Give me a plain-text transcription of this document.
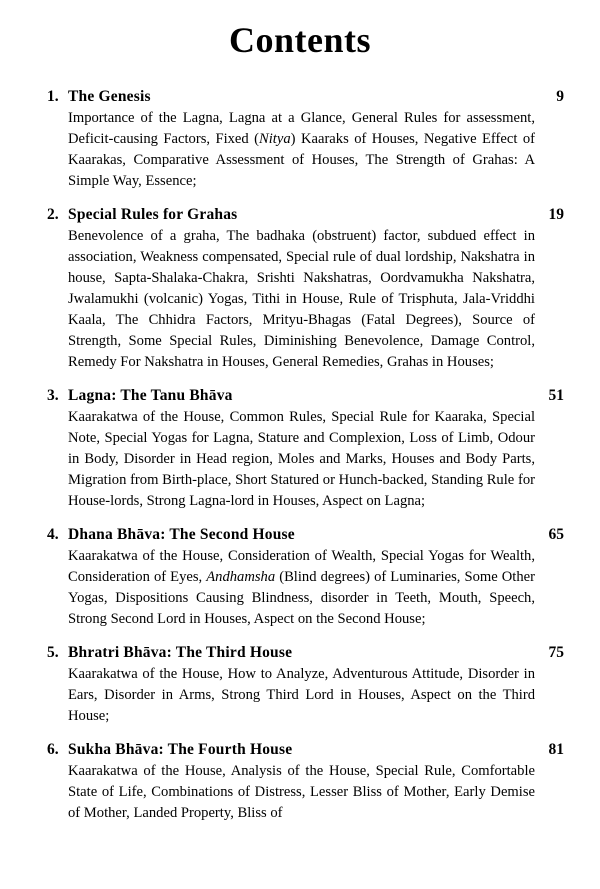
Contents
1. The Genesis	9
Importance of the Lagna, Lagna at a Glance, General Rules for assessment, Deficit-causing Factors, Fixed (Nitya) Kaaraks of Houses, Negative Effect of Kaarakas, Comparative Assessment of Houses, The Strength of Grahas: A Simple Way, Essence;
2. Special Rules for Grahas	19
Benevolence of a graha, The badhaka (obstruent) factor, subdued effect in association, Weakness compensated, Special rule of dual lordship, Nakshatra in house, Sapta-Shalaka-Chakra, Srishti Nakshatras, Oordvamukha Nakshatra, Jwalamukhi (volcanic) Yogas, Tithi in House, Rule of Trisphuta, Jala-Vriddhi Kaala, The Chhidra Factors, Mrityu-Bhagas (Fatal Degrees), Source of Strength, Some Special Rules, Diminishing Benevolence, Damage Control, Remedy For Nakshatra in Houses, General Remedies, Grahas in Houses;
3. Lagna: The Tanu Bhāva	51
Kaarakatwa of the House, Common Rules, Special Rule for Kaaraka, Special Note, Special Yogas for Lagna, Stature and Complexion, Loss of Limb, Odour in Body, Disorder in Head region, Moles and Marks, Houses and Body Parts, Migration from Birth-place, Short Statured or Hunch-backed, Standing Rule for House-lords, Strong Lagna-lord in Houses, Aspect on Lagna;
4. Dhana Bhāva: The Second House	65
Kaarakatwa of the House, Consideration of Wealth, Special Yogas for Wealth, Consideration of Eyes, Andhamsha (Blind degrees) of Luminaries, Some Other Yogas, Dispositions Causing Blindness, disorder in Teeth, Mouth, Speech, Strong Second Lord in Houses, Aspect on the Second House;
5. Bhratri Bhāva: The Third House	75
Kaarakatwa of the House, How to Analyze, Adventurous Attitude, Disorder in Ears, Disorder in Arms, Strong Third Lord in Houses, Aspect on the Third House;
6. Sukha Bhāva: The Fourth House	81
Kaarakatwa of the House, Analysis of the House, Special Rule, Comfortable State of Life, Combinations of Distress, Lesser Bliss of Mother, Early Demise of Mother, Landed Property, Bliss of
